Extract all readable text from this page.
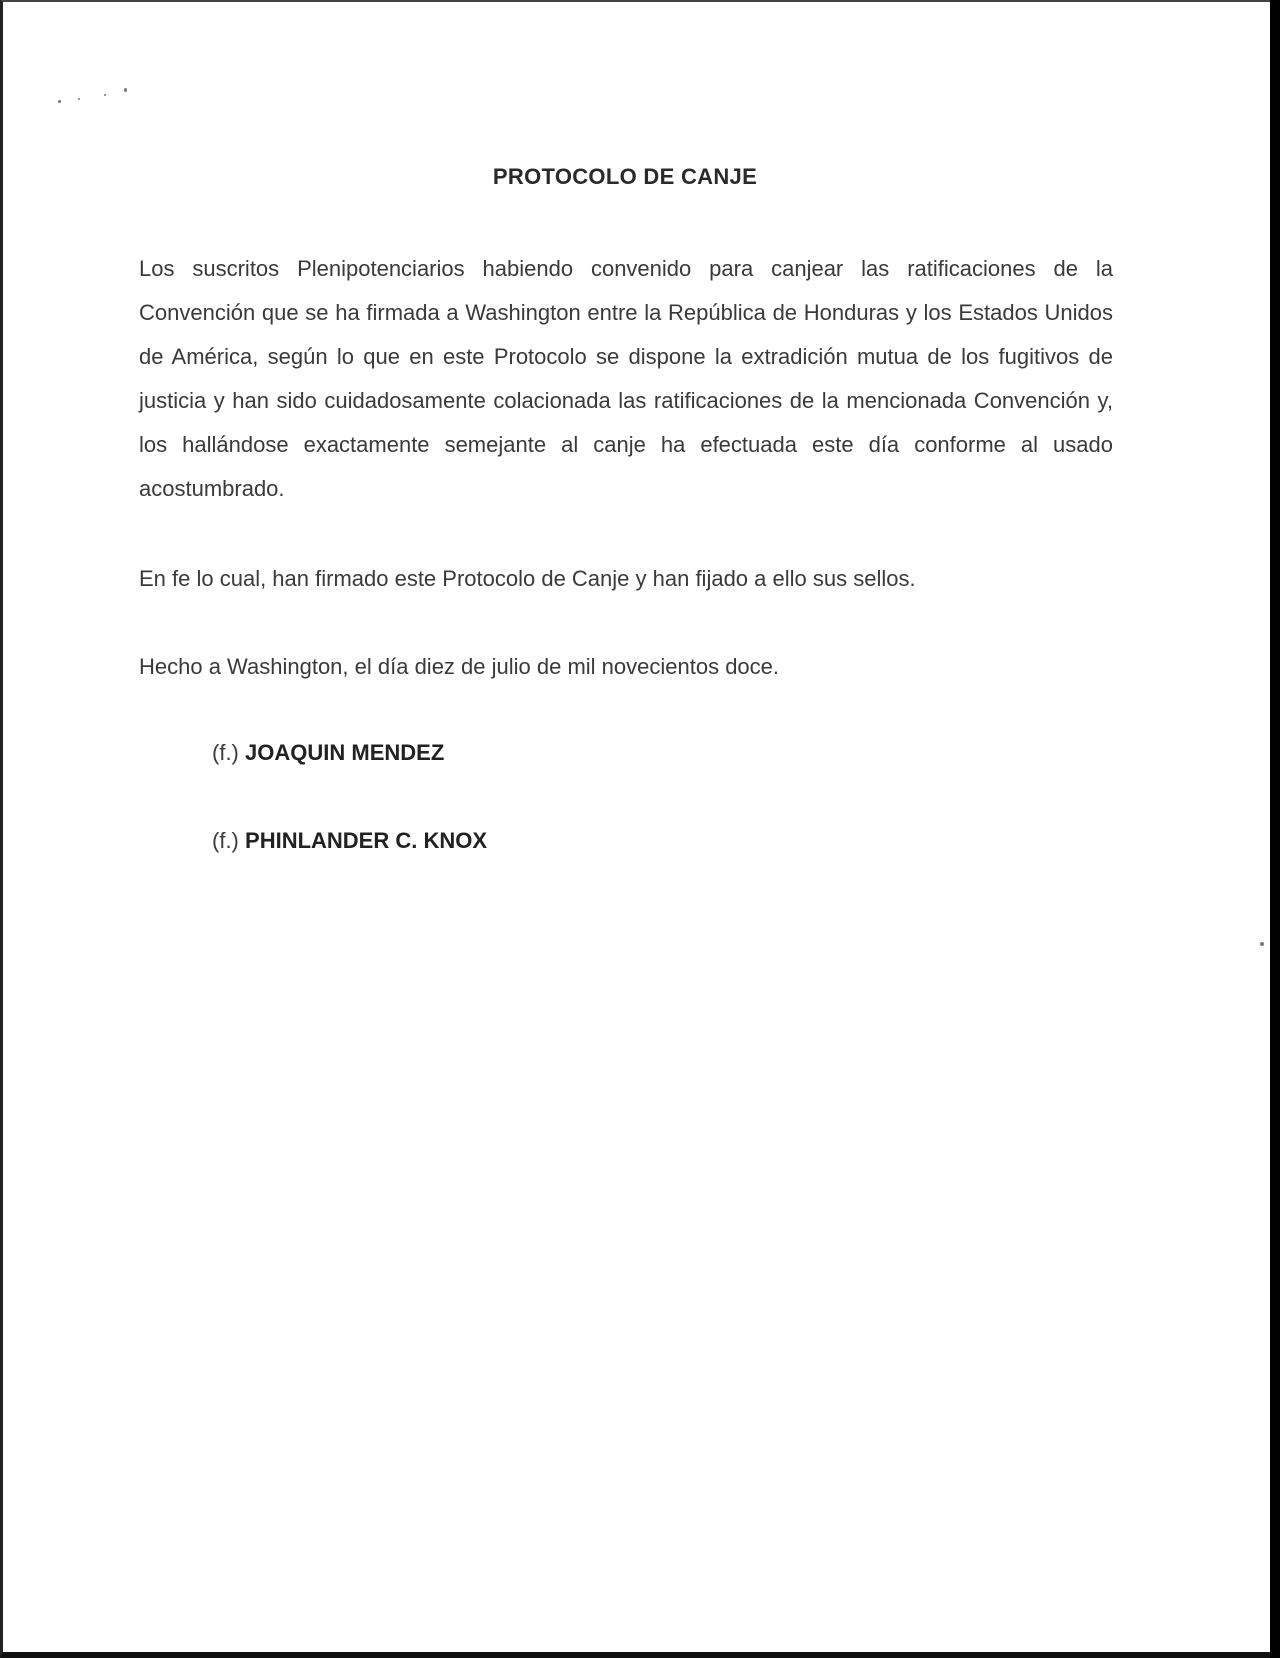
PROTOCOLO DE CANJE
Los suscritos Plenipotenciarios habiendo convenido para canjear las ratificaciones de la Convención que se ha firmada a Washington entre la República de Honduras y los Estados Unidos de América, según lo que en este Protocolo se dispone la extradición mutua de los fugitivos de justicia y han sido cuidadosamente colacionada las ratificaciones de la mencionada Convención y, los hallándose exactamente semejante al canje ha efectuada este día conforme al usado acostumbrado.
En fe lo cual, han firmado este Protocolo de Canje y han fijado a ello sus sellos.
Hecho a Washington, el día diez de julio de mil novecientos doce.
(f.) JOAQUIN MENDEZ
(f.) PHINLANDER C. KNOX
